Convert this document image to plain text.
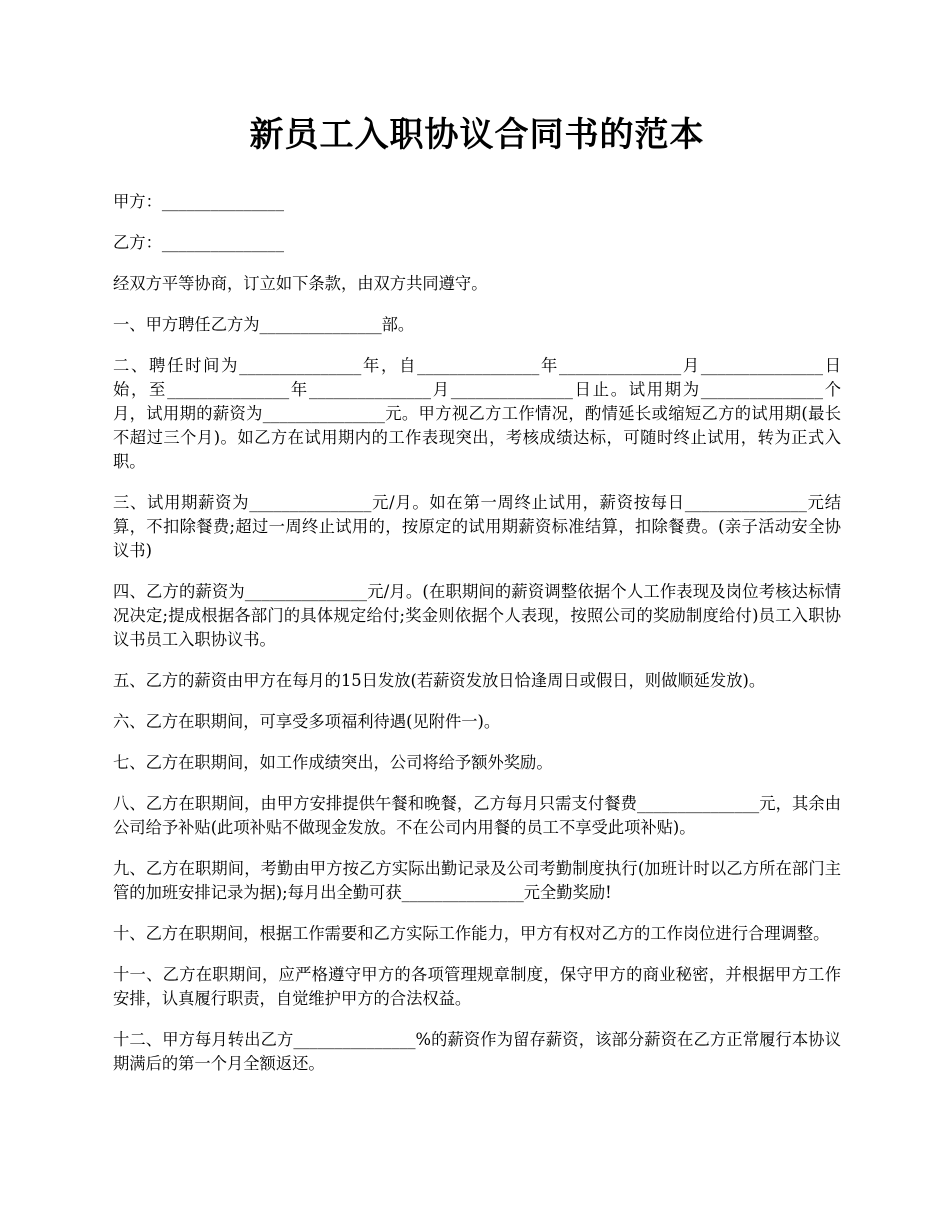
新员工入职协议合同书的范本

甲方：_______________

乙方：_______________

经双方平等协商，订立如下条款，由双方共同遵守。

一、甲方聘任乙方为_______________部。

二、聘任时间为_______________年，自_______________年_______________月_______________日始，至_______________年_______________月_______________日止。试用期为_______________个月，试用期的薪资为_______________元。甲方视乙方工作情况，酌情延长或缩短乙方的试用期(最长不超过三个月)。如乙方在试用期内的工作表现突出，考核成绩达标，可随时终止试用，转为正式入职。

三、试用期薪资为_______________元/月。如在第一周终止试用，薪资按每日_______________元结算，不扣除餐费;超过一周终止试用的，按原定的试用期薪资标准结算，扣除餐费。(亲子活动安全协议书)

四、乙方的薪资为_______________元/月。(在职期间的薪资调整依据个人工作表现及岗位考核达标情况决定;提成根据各部门的具体规定给付;奖金则依据个人表现，按照公司的奖励制度给付)员工入职协议书员工入职协议书。

五、乙方的薪资由甲方在每月的15日发放(若薪资发放日恰逢周日或假日，则做顺延发放)。

六、乙方在职期间，可享受多项福利待遇(见附件一)。

七、乙方在职期间，如工作成绩突出，公司将给予额外奖励。

八、乙方在职期间，由甲方安排提供午餐和晚餐，乙方每月只需支付餐费_______________元，其余由公司给予补贴(此项补贴不做现金发放。不在公司内用餐的员工不享受此项补贴)。

九、乙方在职期间，考勤由甲方按乙方实际出勤记录及公司考勤制度执行(加班计时以乙方所在部门主管的加班安排记录为据);每月出全勤可获_______________元全勤奖励!

十、乙方在职期间，根据工作需要和乙方实际工作能力，甲方有权对乙方的工作岗位进行合理调整。

十一、乙方在职期间，应严格遵守甲方的各项管理规章制度，保守甲方的商业秘密，并根据甲方工作安排，认真履行职责，自觉维护甲方的合法权益。

十二、甲方每月转出乙方_______________%的薪资作为留存薪资，该部分薪资在乙方正常履行本协议期满后的第一个月全额返还。
